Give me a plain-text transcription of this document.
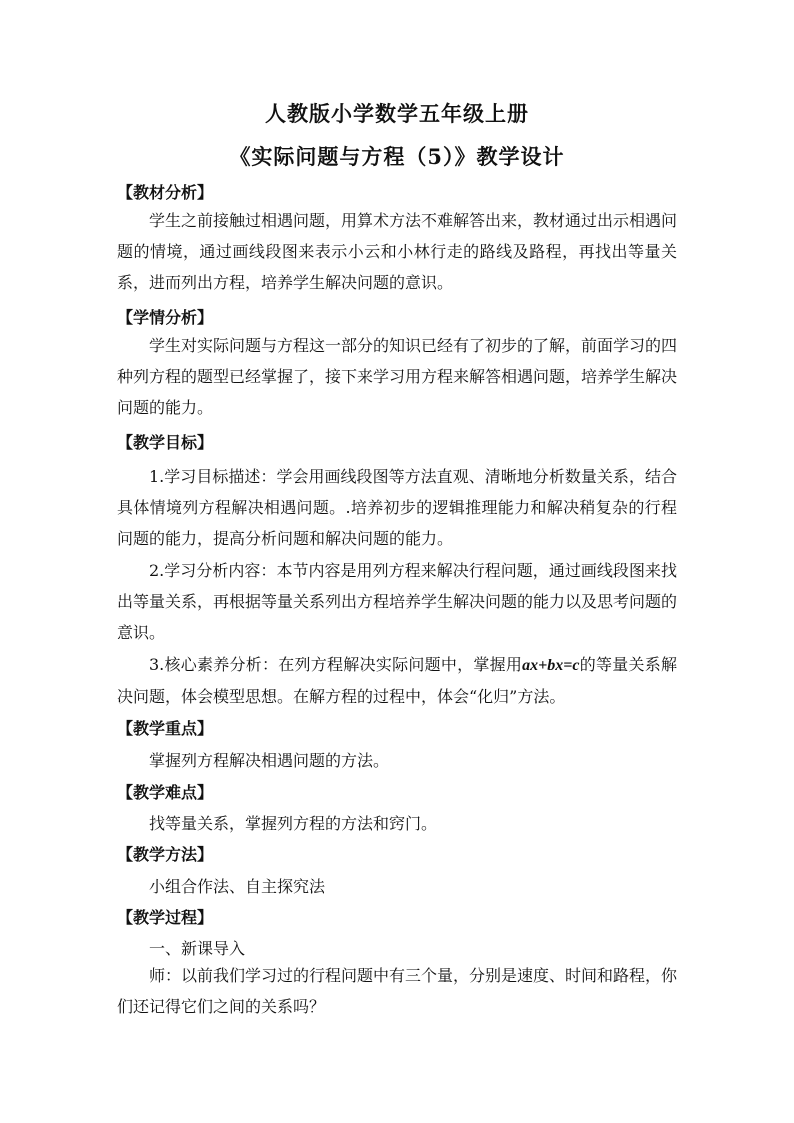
人教版小学数学五年级上册
《实际问题与方程（5）》教学设计
【教材分析】
学生之前接触过相遇问题，用算术方法不难解答出来，教材通过出示相遇问题的情境，通过画线段图来表示小云和小林行走的路线及路程，再找出等量关系，进而列出方程，培养学生解决问题的意识。
【学情分析】
学生对实际问题与方程这一部分的知识已经有了初步的了解，前面学习的四种列方程的题型已经掌握了，接下来学习用方程来解答相遇问题，培养学生解决问题的能力。
【教学目标】
1.学习目标描述：学会用画线段图等方法直观、清晰地分析数量关系，结合具体情境列方程解决相遇问题。.培养初步的逻辑推理能力和解决稍复杂的行程问题的能力，提高分析问题和解决问题的能力。
2.学习分析内容：本节内容是用列方程来解决行程问题，通过画线段图来找出等量关系，再根据等量关系列出方程培养学生解决问题的能力以及思考问题的意识。
3.核心素养分析：在列方程解决实际问题中，掌握用ax+bx=c的等量关系解决问题，体会模型思想。在解方程的过程中，体会“化归”方法。
【教学重点】
掌握列方程解决相遇问题的方法。
【教学难点】
找等量关系，掌握列方程的方法和窍门。
【教学方法】
小组合作法、自主探究法
【教学过程】
一、新课导入
师：以前我们学习过的行程问题中有三个量，分别是速度、时间和路程，你们还记得它们之间的关系吗？
